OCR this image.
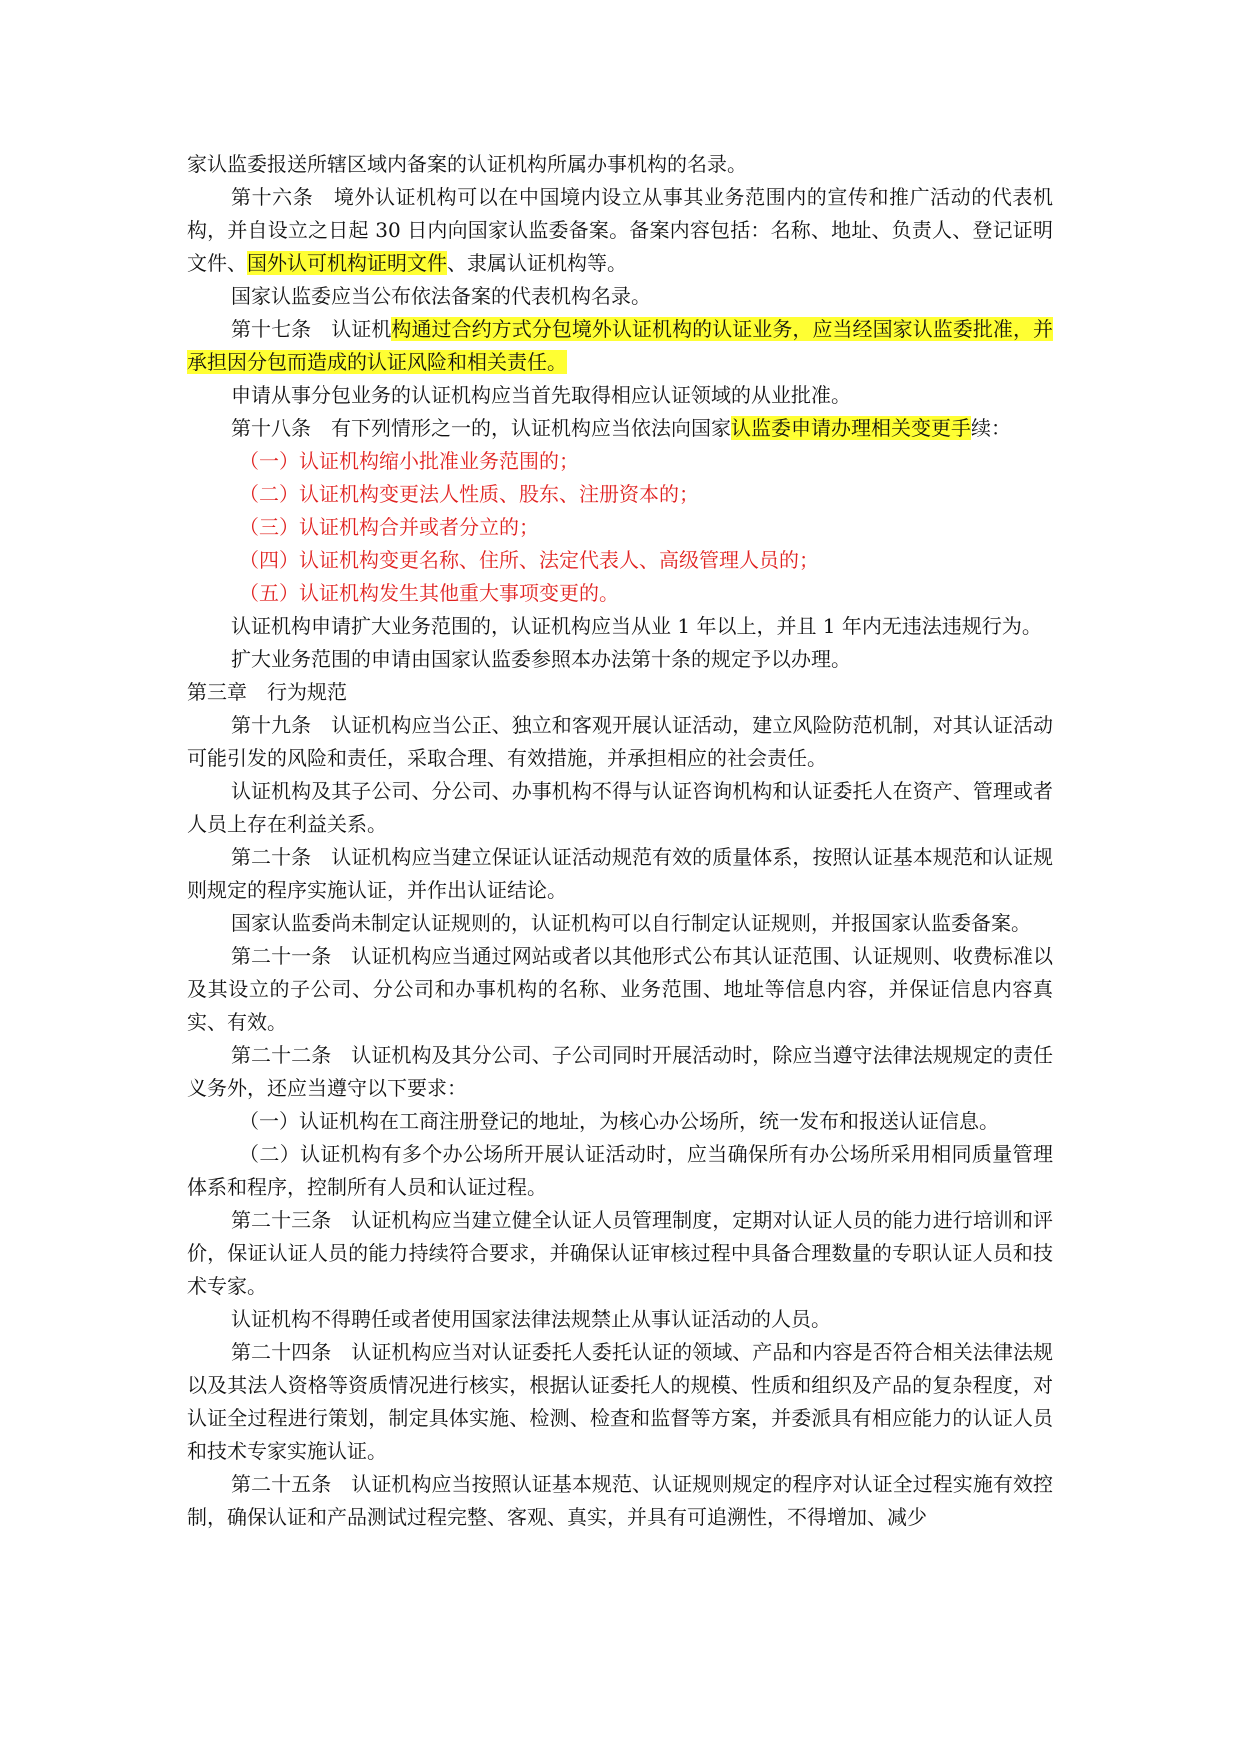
家认监委报送所辖区域内备案的认证机构所属办事机构的名录。

第十六条　境外认证机构可以在中国境内设立从事其业务范围内的宣传和推广活动的代表机构，并自设立之日起 30 日内向国家认监委备案。备案内容包括：名称、地址、负责人、登记证明文件、国外认可机构证明文件、隶属认证机构等。

国家认监委应当公布依法备案的代表机构名录。

第十七条　认证机构通过合约方式分包境外认证机构的认证业务，应当经国家认监委批准，并承担因分包而造成的认证风险和相关责任。

申请从事分包业务的认证机构应当首先取得相应认证领域的从业批准。

第十八条　有下列情形之一的，认证机构应当依法向国家认监委申请办理相关变更手续：

（一）认证机构缩小批准业务范围的；

（二）认证机构变更法人性质、股东、注册资本的；

（三）认证机构合并或者分立的；

（四）认证机构变更名称、住所、法定代表人、高级管理人员的；

（五）认证机构发生其他重大事项变更的。

认证机构申请扩大业务范围的，认证机构应当从业 1 年以上，并且 1 年内无违法违规行为。

扩大业务范围的申请由国家认监委参照本办法第十条的规定予以办理。

第三章　行为规范

第十九条　认证机构应当公正、独立和客观开展认证活动，建立风险防范机制，对其认证活动可能引发的风险和责任，采取合理、有效措施，并承担相应的社会责任。

认证机构及其子公司、分公司、办事机构不得与认证咨询机构和认证委托人在资产、管理或者人员上存在利益关系。

第二十条　认证机构应当建立保证认证活动规范有效的质量体系，按照认证基本规范和认证规则规定的程序实施认证，并作出认证结论。

国家认监委尚未制定认证规则的，认证机构可以自行制定认证规则，并报国家认监委备案。

第二十一条　认证机构应当通过网站或者以其他形式公布其认证范围、认证规则、收费标准以及其设立的子公司、分公司和办事机构的名称、业务范围、地址等信息内容，并保证信息内容真实、有效。

第二十二条　认证机构及其分公司、子公司同时开展活动时，除应当遵守法律法规规定的责任义务外，还应当遵守以下要求：

（一）认证机构在工商注册登记的地址，为核心办公场所，统一发布和报送认证信息。

（二）认证机构有多个办公场所开展认证活动时，应当确保所有办公场所采用相同质量管理体系和程序，控制所有人员和认证过程。

第二十三条　认证机构应当建立健全认证人员管理制度，定期对认证人员的能力进行培训和评价，保证认证人员的能力持续符合要求，并确保认证审核过程中具备合理数量的专职认证人员和技术专家。

认证机构不得聘任或者使用国家法律法规禁止从事认证活动的人员。

第二十四条　认证机构应当对认证委托人委托认证的领域、产品和内容是否符合相关法律法规以及其法人资格等资质情况进行核实，根据认证委托人的规模、性质和组织及产品的复杂程度，对认证全过程进行策划，制定具体实施、检测、检查和监督等方案，并委派具有相应能力的认证人员和技术专家实施认证。

第二十五条　认证机构应当按照认证基本规范、认证规则规定的程序对认证全过程实施有效控制，确保认证和产品测试过程完整、客观、真实，并具有可追溯性，不得增加、减少
